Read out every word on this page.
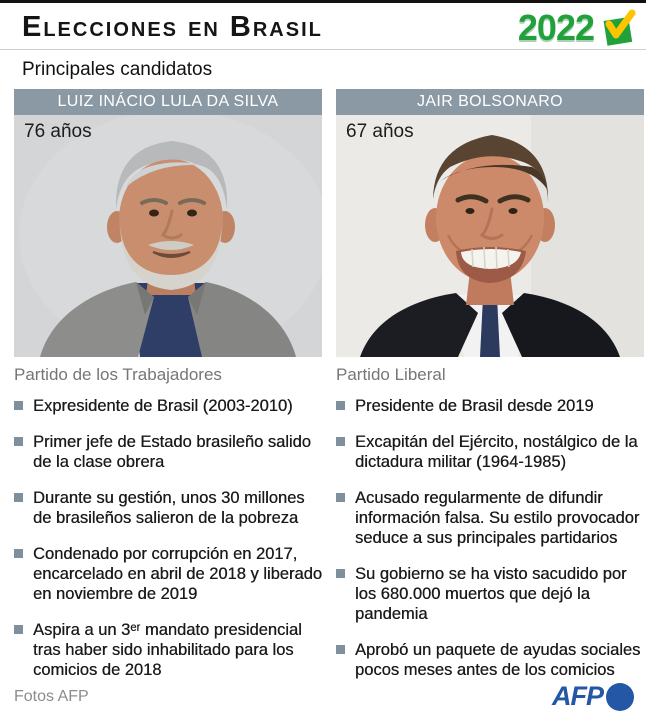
Elecciones en Brasil	2022
Principales candidatos
LUIZ INÁCIO LULA DA SILVA
76 años
Partido de los Trabajadores
Expresidente de Brasil (2003-2010)
Primer jefe de Estado brasileño salido de la clase obrera
Durante su gestión, unos 30 millones de brasileños salieron de la pobreza
Condenado por corrupción en 2017, encarcelado en abril de 2018 y liberado en noviembre de 2019
Aspira a un 3ᵉʳ mandato presidencial tras haber sido inhabilitado para los comicios de 2018
JAIR BOLSONARO
67 años
Partido Liberal
Presidente de Brasil desde 2019
Excapitán del Ejército, nostálgico de la dictadura militar (1964-1985)
Acusado regularmente de difundir información falsa. Su estilo provocador seduce a sus principales partidarios
Su gobierno se ha visto sacudido por los 680.000 muertos que dejó la pandemia
Aprobó un paquete de ayudas sociales pocos meses antes de los comicios
Fotos AFP	AFP
